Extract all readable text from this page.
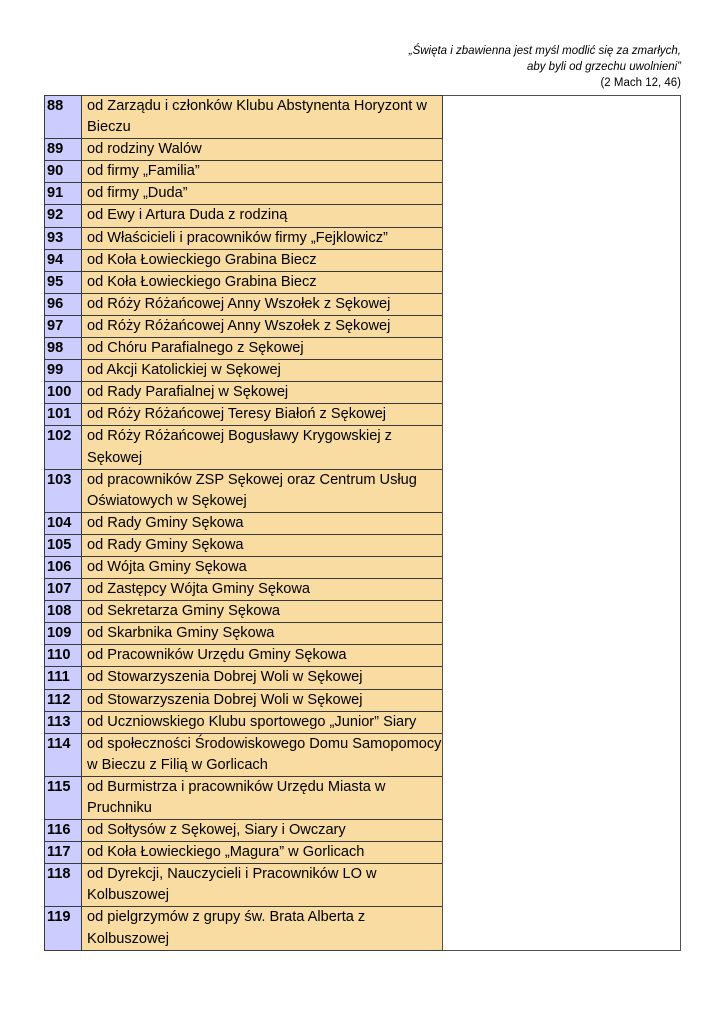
„Święta i zbawienna jest myśl modlić się za zmarłych,
aby byli od grzechu uwolnieni”
(2 Mach 12, 46)
88	od Zarządu i członków Klubu Abstynenta Horyzont w Bieczu	
89	od rodziny Walów	
90	od firmy „Familia”	
91	od firmy „Duda”	
92	od Ewy i Artura Duda z rodziną	
93	od Właścicieli i pracowników firmy „Fejklowicz”	
94	od Koła Łowieckiego Grabina Biecz	
95	od Koła Łowieckiego Grabina Biecz	
96	od Róży Różańcowej Anny Wszołek z Sękowej	
97	od Róży Różańcowej Anny Wszołek z Sękowej	
98	od Chóru Parafialnego z Sękowej	
99	od Akcji Katolickiej w Sękowej	
100	od Rady Parafialnej w Sękowej	
101	od Róży Różańcowej Teresy Białoń z Sękowej	
102	od Róży Różańcowej Bogusławy Krygowskiej z Sękowej	
103	od pracowników ZSP Sękowej oraz Centrum Usług Oświatowych w Sękowej	
104	od Rady Gminy Sękowa	
105	od Rady Gminy Sękowa	
106	od Wójta Gminy Sękowa	
107	od Zastępcy Wójta Gminy Sękowa	
108	od Sekretarza Gminy Sękowa	
109	od Skarbnika Gminy Sękowa	
110	od Pracowników Urzędu Gminy Sękowa	
111	od Stowarzyszenia Dobrej Woli w Sękowej	
112	od Stowarzyszenia Dobrej Woli w Sękowej	
113	od Uczniowskiego Klubu sportowego „Junior” Siary	
114	od społeczności Środowiskowego Domu Samopomocy w Bieczu z Filią w Gorlicach	
115	od Burmistrza i pracowników Urzędu Miasta w Pruchniku	
116	od Sołtysów z Sękowej, Siary i Owczary	
117	od Koła Łowieckiego „Magura” w Gorlicach	
118	od Dyrekcji, Nauczycieli i Pracowników LO w Kolbuszowej	
119	od pielgrzymów z grupy św. Brata Alberta z Kolbuszowej	
